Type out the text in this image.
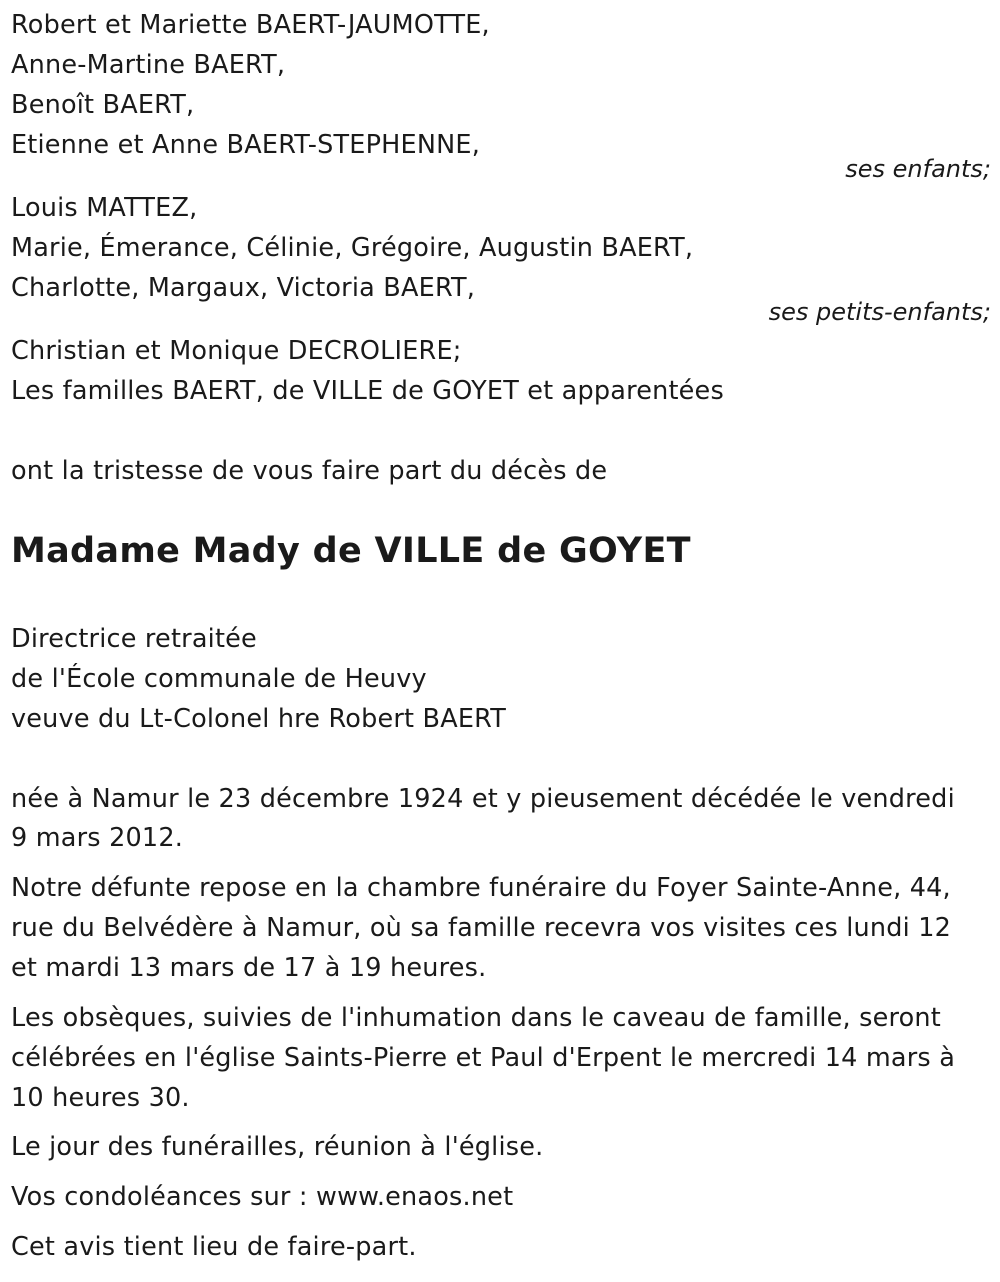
Robert et Mariette BAERT-JAUMOTTE,
Anne-Martine BAERT,
Benoît BAERT,
Etienne et Anne BAERT-STEPHENNE,
ses enfants;
Louis MATTEZ,
Marie, Émerance, Célinie, Grégoire, Augustin BAERT,
Charlotte, Margaux, Victoria BAERT,
ses petits-enfants;
Christian et Monique DECROLIERE;
Les familles BAERT, de VILLE de GOYET et apparentées
ont la tristesse de vous faire part du décès de
Madame Mady de VILLE de GOYET
Directrice retraitée
de l'École communale de Heuvy
veuve du Lt-Colonel hre Robert BAERT
née à Namur le 23 décembre 1924 et y pieusement décédée le vendredi
9 mars 2012.
Notre défunte repose en la chambre funéraire du Foyer Sainte-Anne, 44,
rue du Belvédère à Namur, où sa famille recevra vos visites ces lundi 12
et mardi 13 mars de 17 à 19 heures.
Les obsèques, suivies de l'inhumation dans le caveau de famille, seront
célébrées en l'église Saints-Pierre et Paul d'Erpent le mercredi 14 mars à
10 heures 30.
Le jour des funérailles, réunion à l'église.
Vos condoléances sur : www.enaos.net
Cet avis tient lieu de faire-part.
